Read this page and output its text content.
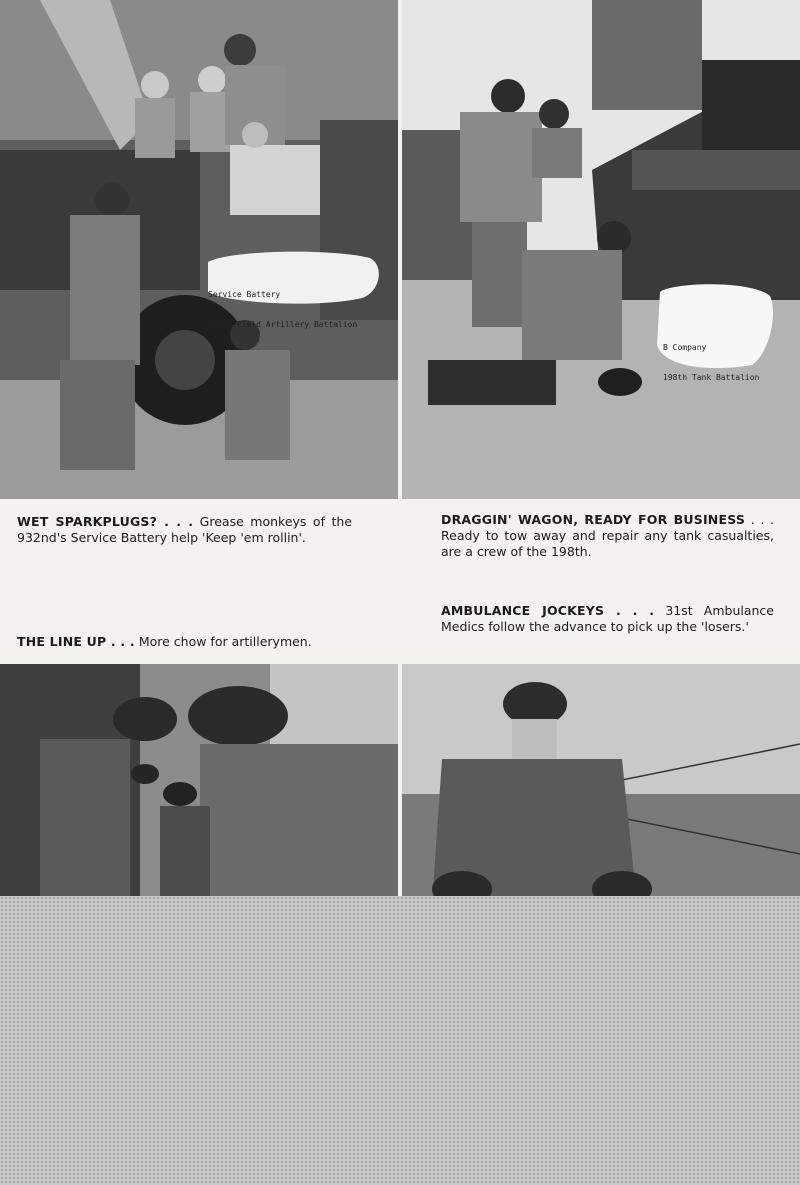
Service Battery

932nd Field Artillery Battalion

B Company

198th Tank Battalion

WET SPARKPLUGS? . . . Grease monkeys of the 932nd's Service Battery help 'Keep 'em rollin'.
THE LINE UP . . . More chow for artillerymen.
DRAGGIN' WAGON, READY FOR BUSINESS . . . Ready to tow away and repair any tank casualties, are a crew of the 198th.
AMBULANCE JOCKEYS . . . 31st Ambulance Medics follow the advance to pick up the 'losers.'
